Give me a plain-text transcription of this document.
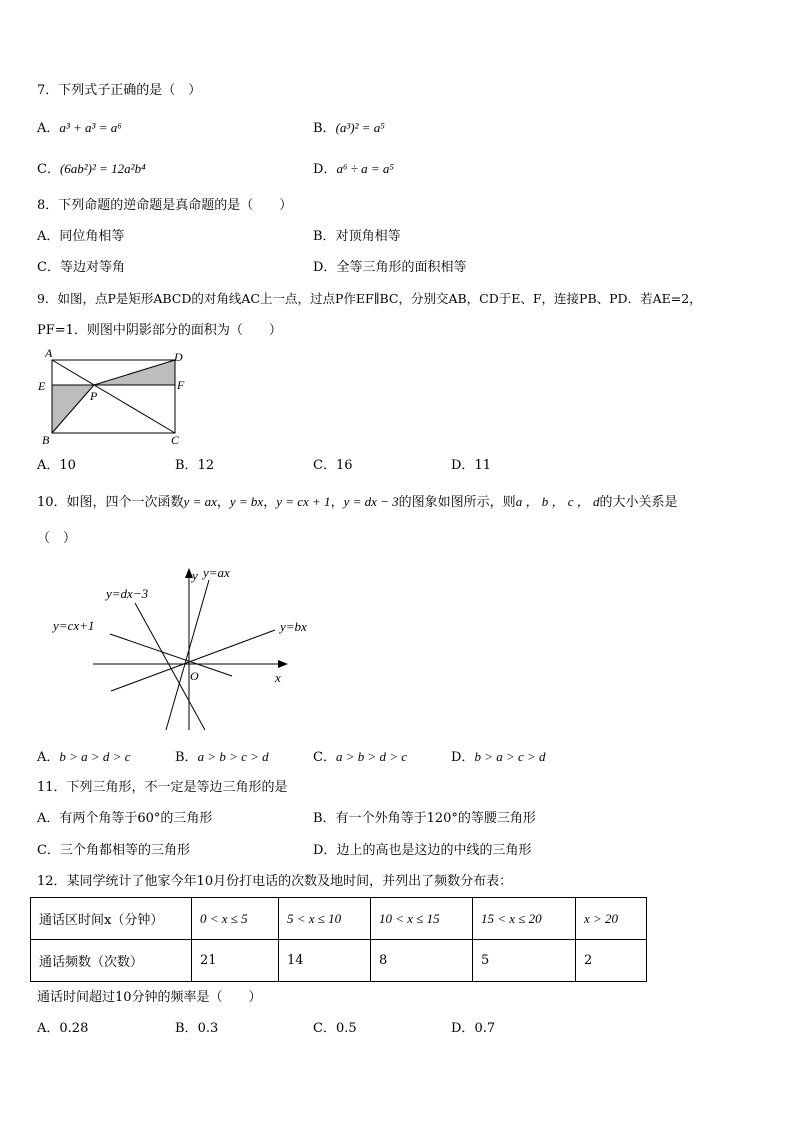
7．下列式子正确的是（　）
A．a³ + a³ = a⁶	B．(a³)² = a⁵
C．(6ab²)² = 12a²b⁴	D．a⁶ ÷ a = a⁵
8．下列命题的逆命题是真命题的是（　　）
A．同位角相等	B．对顶角相等
C．等边对等角	D．全等三角形的面积相等
9．如图，点P是矩形ABCD的对角线AC上一点，过点P作EF∥BC，分别交AB，CD于E、F，连接PB、PD．若AE=2，
PF=1．则图中阴影部分的面积为（　　）
A	D
E	F
P
B	C
A．10	B．12	C．16	D．11
10．如图，四个一次函数y = ax，y = bx，y = cx + 1，y = dx − 3的图象如图所示，则a ， b ， c ， d的大小关系是
（　）
y=ax
y=dx−3
y=cx+1	y=bx
y
x
O
A．b > a > d > c	B．a > b > c > d	C．a > b > d > c	D．b > a > c > d
11．下列三角形，不一定是等边三角形的是
A．有两个角等于60°的三角形	B．有一个外角等于120°的等腰三角形
C．三个角都相等的三角形	D．边上的高也是这边的中线的三角形
12．某同学统计了他家今年10月份打电话的次数及地时间，并列出了频数分布表：
通话区时间x（分钟）	0 < x ≤ 5	5 < x ≤ 10	10 < x ≤ 15	15 < x ≤ 20	x > 20
通话频数（次数）	21	14	8	5	2
通话时间超过10分钟的频率是（　　）
A．0.28	B．0.3	C．0.5	D．0.7
